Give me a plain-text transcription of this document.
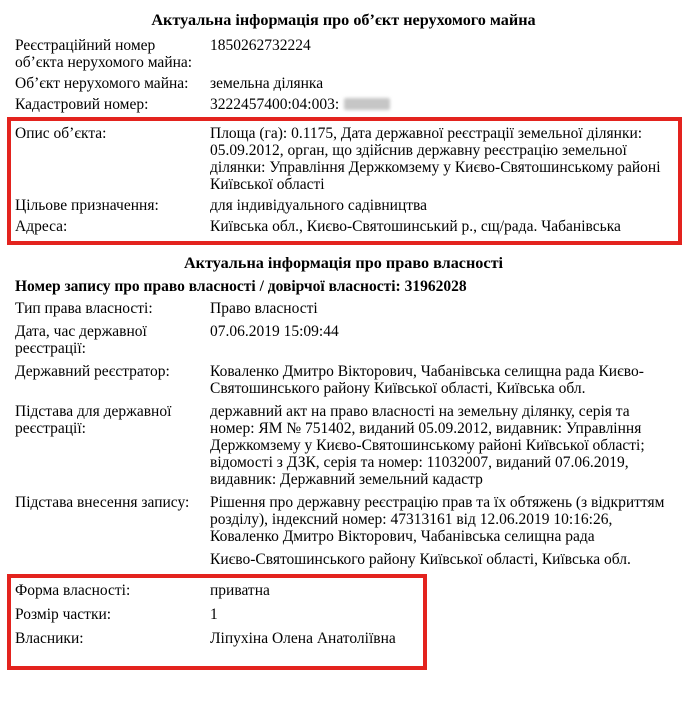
Актуальна інформація про об’єкт нерухомого майна
Реєстраційний номер об’єкта нерухомого майна:
1850262732224
Об’єкт нерухомого майна:	земельна ділянка
Кадастровий номер:	3222457400:04:003:
Опис об’єкта:	Площа (га): 0.1175, Дата державної реєстрації земельної ділянки: 05.09.2012, орган, що здійснив державну реєстрацію земельної ділянки: Управління Держкомзему у Києво-Святошинському районі Київської області
Цільове призначення:	для індивідуального садівництва
Адреса:	Київська обл., Києво-Святошинський р., сщ/рада. Чабанівська
Актуальна інформація про право власності
Номер запису про право власності / довірчої власності: 31962028
Тип права власності:	Право власності
Дата, час державної реєстрації:
07.06.2019 15:09:44
Державний реєстратор:	Коваленко Дмитро Вікторович, Чабанівська селищна рада Києво-Святошинського району Київської області, Київська обл.
Підстава для державної реєстрації:
державний акт на право власності на земельну ділянку, серія та номер: ЯМ № 751402, виданий 05.09.2012, видавник: Управління Держкомзему у Києво-Святошинському районі Київської області; відомості з ДЗК, серія та номер: 11032007, виданий 07.06.2019, видавник: Державний земельний кадастр
Підстава внесення запису:	Рішення про державну реєстрацію прав та їх обтяжень (з відкриттям розділу), індексний номер: 47313161 від 12.06.2019 10:16:26, Коваленко Дмитро Вікторович, Чабанівська селищна рада
Києво-Святошинського району Київської області, Київська обл.
Форма власності:	приватна
Розмір частки:	1
Власники:	Ліпухіна Олена Анатоліївна
